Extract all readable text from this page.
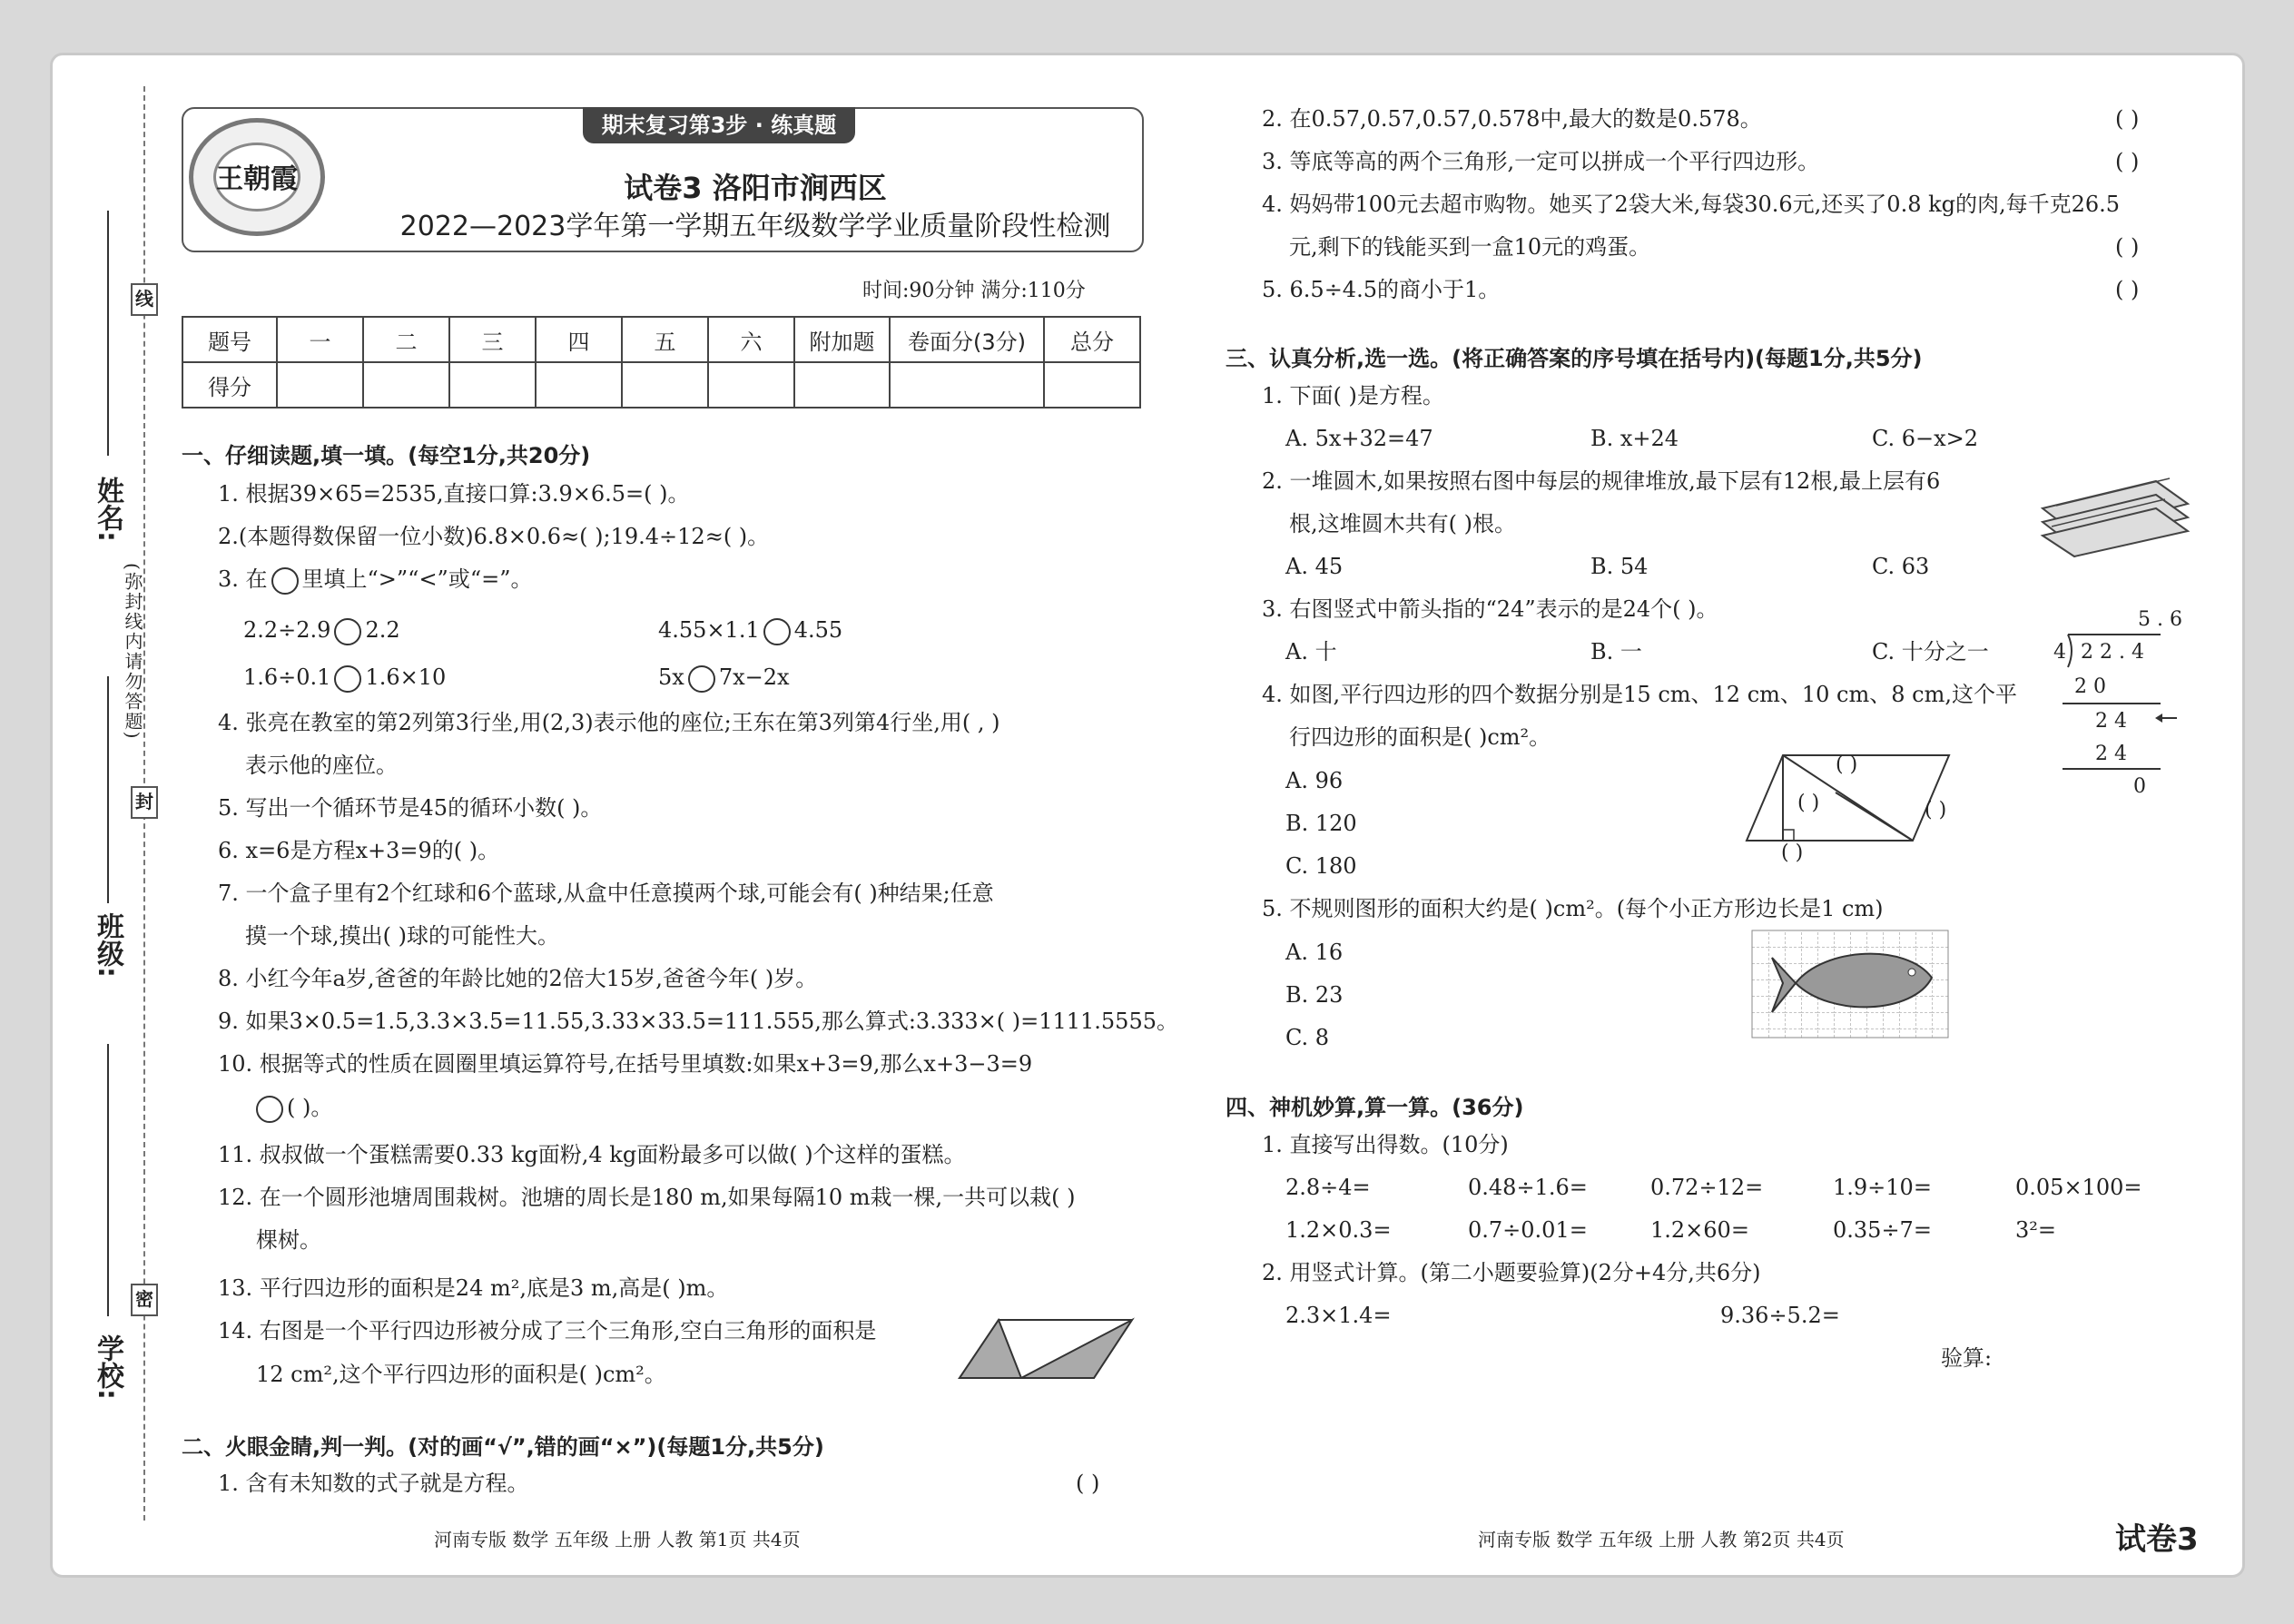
姓名:
班级:
学校:
线
封
密
(弥封线内请勿答题)
期末复习第3步 · 练真题
王朝霞	试卷3 洛阳市涧西区
2022—2023学年第一学期五年级数学学业质量阶段性检测
时间:90分钟 满分:110分
题号	一	二	三	四	五	六	附加题	卷面分(3分)	总分
得分									
一、仔细读题,填一填。(每空1分,共20分)
1. 根据39×65=2535,直接口算:3.9×6.5=( )。
2.(本题得数保留一位小数)6.8×0.6≈( );19.4÷12≈( )。
3. 在 里填上“>”“<”或“=”。
2.2÷2.9 2.2	4.55×1.1 4.55
1.6÷0.1 1.6×10	5x 7x−2x
4. 张亮在教室的第2列第3行坐,用(2,3)表示他的座位;王东在第3列第4行坐,用( , )
表示他的座位。
5. 写出一个循环节是45的循环小数( )。
6. x=6是方程x+3=9的( )。
7. 一个盒子里有2个红球和6个蓝球,从盒中任意摸两个球,可能会有( )种结果;任意
摸一个球,摸出( )球的可能性大。
8. 小红今年a岁,爸爸的年龄比她的2倍大15岁,爸爸今年( )岁。
9. 如果3×0.5=1.5,3.3×3.5=11.55,3.33×33.5=111.555,那么算式:3.333×( )=1111.5555。
10. 根据等式的性质在圆圈里填运算符号,在括号里填数:如果x+3=9,那么x+3−3=9
( )。
11. 叔叔做一个蛋糕需要0.33 kg面粉,4 kg面粉最多可以做( )个这样的蛋糕。
12. 在一个圆形池塘周围栽树。池塘的周长是180 m,如果每隔10 m栽一棵,一共可以栽( )
棵树。
13. 平行四边形的面积是24 m²,底是3 m,高是( )m。
14. 右图是一个平行四边形被分成了三个三角形,空白三角形的面积是
12 cm²,这个平行四边形的面积是( )cm²。
二、火眼金睛,判一判。(对的画“√”,错的画“×”)(每题1分,共5分)
1. 含有未知数的式子就是方程。	( )
2. 在0.57,0.57,0.57,0.578中,最大的数是0.578。	( )
3. 等底等高的两个三角形,一定可以拼成一个平行四边形。	( )
4. 妈妈带100元去超市购物。她买了2袋大米,每袋30.6元,还买了0.8 kg的肉,每千克26.5
元,剩下的钱能买到一盒10元的鸡蛋。	( )
5. 6.5÷4.5的商小于1。	( )
三、认真分析,选一选。(将正确答案的序号填在括号内)(每题1分,共5分)
1. 下面( )是方程。
A. 5x+32=47	B. x+24	C. 6−x>2
2. 一堆圆木,如果按照右图中每层的规律堆放,最下层有12根,最上层有6
根,这堆圆木共有( )根。
A. 45	B. 54	C. 63
3. 右图竖式中箭头指的“24”表示的是24个( )。
A. 十	B. 一	C. 十分之一
5 . 6
4 2 2 . 4
2 0
2 4
2 4
0
4. 如图,平行四边形的四个数据分别是15 cm、12 cm、10 cm、8 cm,这个平
行四边形的面积是( )cm²。
A. 96
B. 120
C. 180
( )
( )	( )
( )
5. 不规则图形的面积大约是( )cm²。(每个小正方形边长是1 cm)
A. 16
B. 23
C. 8
四、神机妙算,算一算。(36分)
1. 直接写出得数。(10分)
2.8÷4=	0.48÷1.6=	0.72÷12=	1.9÷10=	0.05×100=
1.2×0.3=	0.7÷0.01=	1.2×60=	0.35÷7=	3²=
2. 用竖式计算。(第二小题要验算)(2分+4分,共6分)
2.3×1.4=	9.36÷5.2=
验算:
河南专版 数学 五年级 上册 人教 第1页 共4页	河南专版 数学 五年级 上册 人教 第2页 共4页	试卷3
